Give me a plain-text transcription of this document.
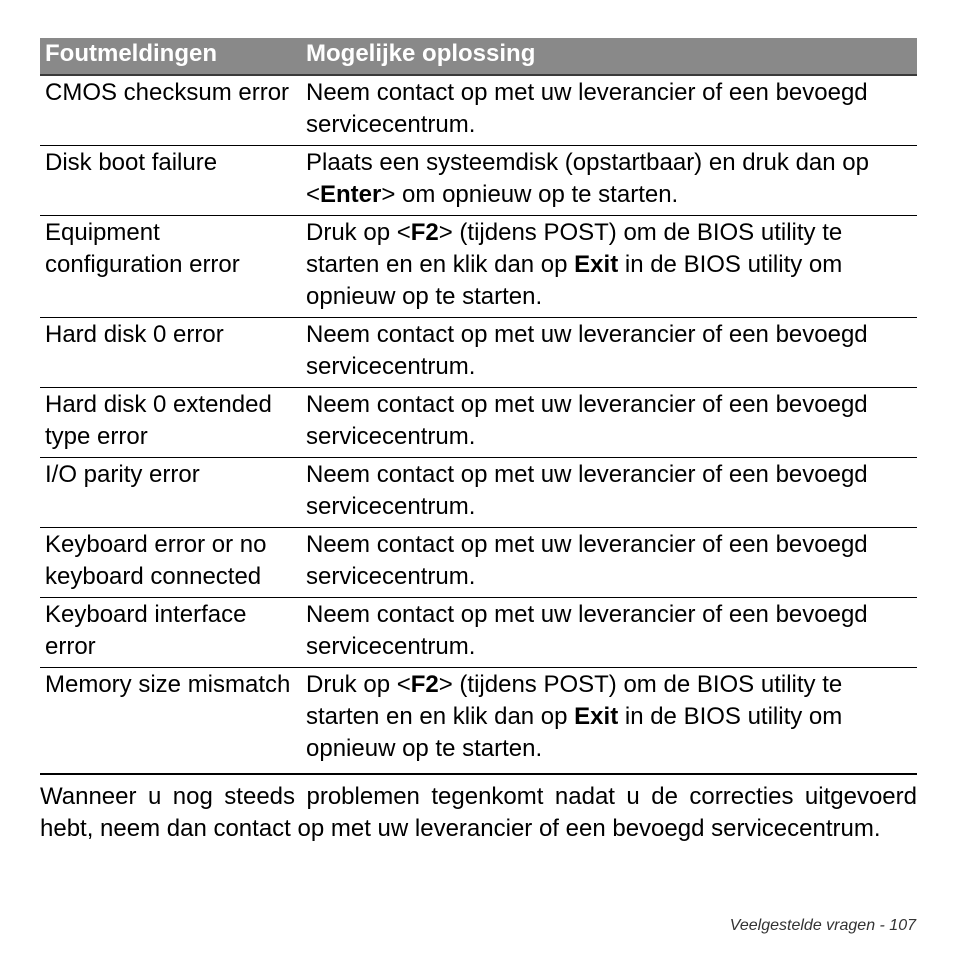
Foutmeldingen	Mogelijke oplossing
CMOS checksum error	Neem contact op met uw leverancier of een bevoegd servicecentrum.
Disk boot failure	Plaats een systeemdisk (opstartbaar) en druk dan op <Enter> om opnieuw op te starten.
Equipment configuration error	Druk op <F2> (tijdens POST) om de BIOS utility te starten en en klik dan op Exit in de BIOS utility om opnieuw op te starten.
Hard disk 0 error	Neem contact op met uw leverancier of een bevoegd servicecentrum.
Hard disk 0 extended type error	Neem contact op met uw leverancier of een bevoegd servicecentrum.
I/O parity error	Neem contact op met uw leverancier of een bevoegd servicecentrum.
Keyboard error or no keyboard connected	Neem contact op met uw leverancier of een bevoegd servicecentrum.
Keyboard interface error	Neem contact op met uw leverancier of een bevoegd servicecentrum.
Memory size mismatch	Druk op <F2> (tijdens POST) om de BIOS utility te starten en en klik dan op Exit in de BIOS utility om opnieuw op te starten.

Wanneer u nog steeds problemen tegenkomt nadat u de correcties uitgevoerd hebt, neem dan contact op met uw leverancier of een bevoegd servicecentrum.

Veelgestelde vragen - 107
